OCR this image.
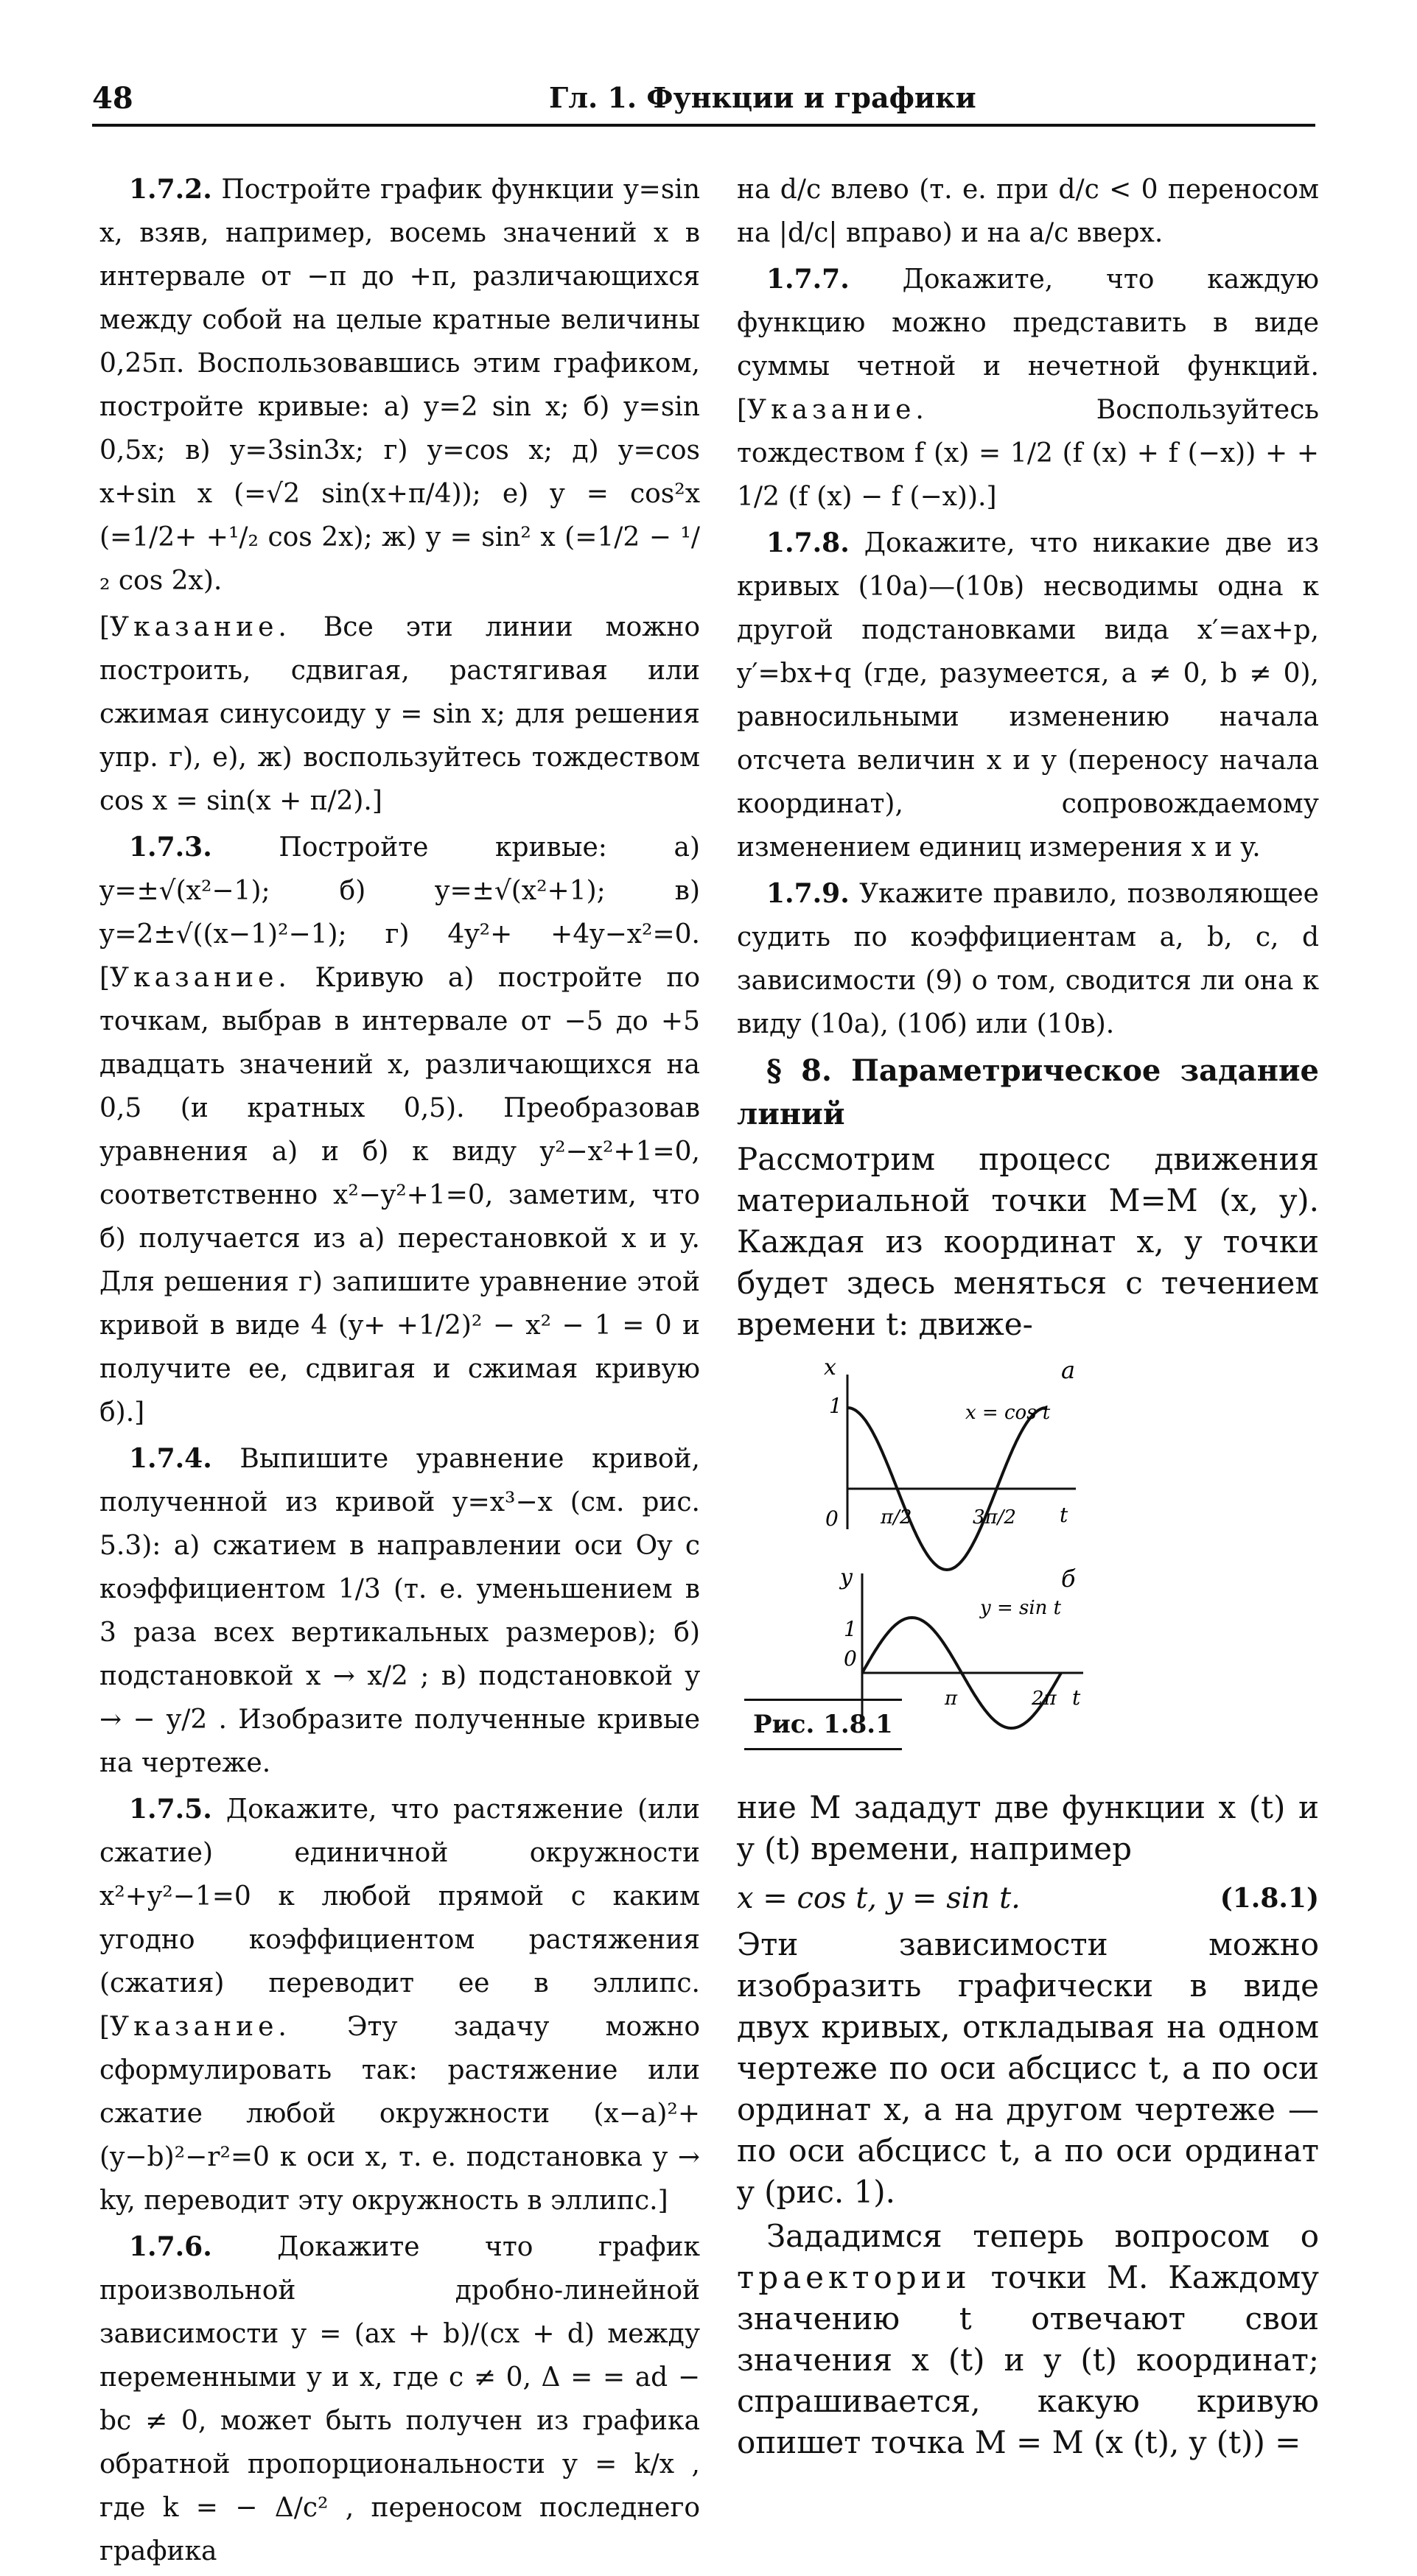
48	Гл. 1. Функции и графики

1.7.2. Постройте график функции y=sin x, взяв, например, восемь значений x в интервале от −π до +π, различающихся между собой на целые кратные величины 0,25π. Воспользовавшись этим графиком, постройте кривые: а) y=2 sin x; б) y=sin 0,5x; в) y=3sin3x; г) y=cos x; д) y=cos x+sin x (=√2 sin(x+π/4)); е) y = cos²x (=1/2+ +¹/₂ cos 2x); ж) y = sin² x (=1/2 − ¹/₂ cos 2x).

[Указание. Все эти линии можно построить, сдвигая, растягивая или сжимая синусоиду y = sin x; для решения упр. г), е), ж) воспользуйтесь тождеством cos x = sin(x + π/2).]

1.7.3.	Постройте кривые: а) y=±√(x²−1); б) y=±√(x²+1); в) y=2±√((x−1)²−1); г) 4y²+ +4y−x²=0. [Указание. Кривую а) постройте по точкам, выбрав в интервале от −5 до +5 двадцать значений x, различающихся на 0,5 (и кратных 0,5). Преобразовав уравнения а) и б) к виду y²−x²+1=0, соответственно x²−y²+1=0, заметим, что б) получается из а) перестановкой x и y. Для решения г) запишите уравнение этой кривой в виде 4 (y+ +1/2)² − x² − 1 = 0 и получите ее, сдвигая и сжимая кривую б).]

1.7.4. Выпишите уравнение кривой, полученной из кривой y=x³−x (см. рис. 5.3): а) сжатием в направлении оси Oy с коэффициентом 1/3 (т. е. уменьшением в 3 раза всех вертикальных размеров); б) подстановкой x → x/2 ; в) подстановкой y → − y/2 . Изобразите полученные кривые на чертеже.

1.7.5. Докажите, что растяжение (или сжатие) единичной окружности x²+y²−1=0 к любой прямой с каким угодно коэффициентом растяжения (сжатия) переводит ее в эллипс. [Указание. Эту задачу можно сформулировать так: растяжение или сжатие любой окружности (x−a)²+(y−b)²−r²=0 к оси x, т. е. подстановка y → ky, переводит эту окружность в эллипс.]

1.7.6. Докажите что график произвольной дробно-линейной зависимости y = (ax + b)/(cx + d) между переменными y и x, где c ≠ 0, Δ = = ad − bc ≠ 0, может быть получен из графика обратной пропорциональности y = k/x , где k = − Δ/c² , переносом последнего графика

на d/c влево (т. е. при d/c < 0 переносом на |d/c| вправо) и на a/c вверх.

1.7.7. Докажите, что каждую функцию можно представить в виде суммы четной и нечетной функций. [Указание.	Воспользуйтесь тождеством f (x) = 1/2 (f (x) + f (−x)) + + 1/2 (f (x) − f (−x)).]

1.7.8. Докажите, что никакие две из кривых (10а)—(10в) несводимы одна к другой подстановками вида x′=ax+p, y′=bx+q (где, разумеется, a ≠ 0, b ≠ 0), равносильными изменению начала отсчета величин x и y (переносу начала координат), сопровождаемому изменением единиц измерения x и y.

1.7.9. Укажите правило, позволяющее судить по коэффициентам a, b, c, d зависимости (9) о том, сводится ли она к виду (10а), (10б) или (10в).

§ 8. Параметрическое задание линий

Рассмотрим процесс движения материальной точки M=M (x, y). Каждая из координат x, y точки будет здесь меняться с течением времени t: движе-

x
1
0	t
а
x = cos t
π/2	3π/2
y
1
0
t
б
y = sin t
π	2π
Рис. 1.8.1

ние M зададут две функции x (t) и y (t) времени, например

x = cos t, y = sin t.	(1.8.1)

Эти зависимости можно изобразить графически в виде двух кривых, откладывая на одном чертеже по оси абсцисс t, а по оси ординат x, а на другом чертеже — по оси абсцисс t, а по оси ординат y (рис. 1).

Зададимся теперь вопросом о траектории точки M. Каждому значению t отвечают свои значения x (t) и y (t) координат; спрашивается, какую кривую опишет точка M = M (x (t), y (t)) =
